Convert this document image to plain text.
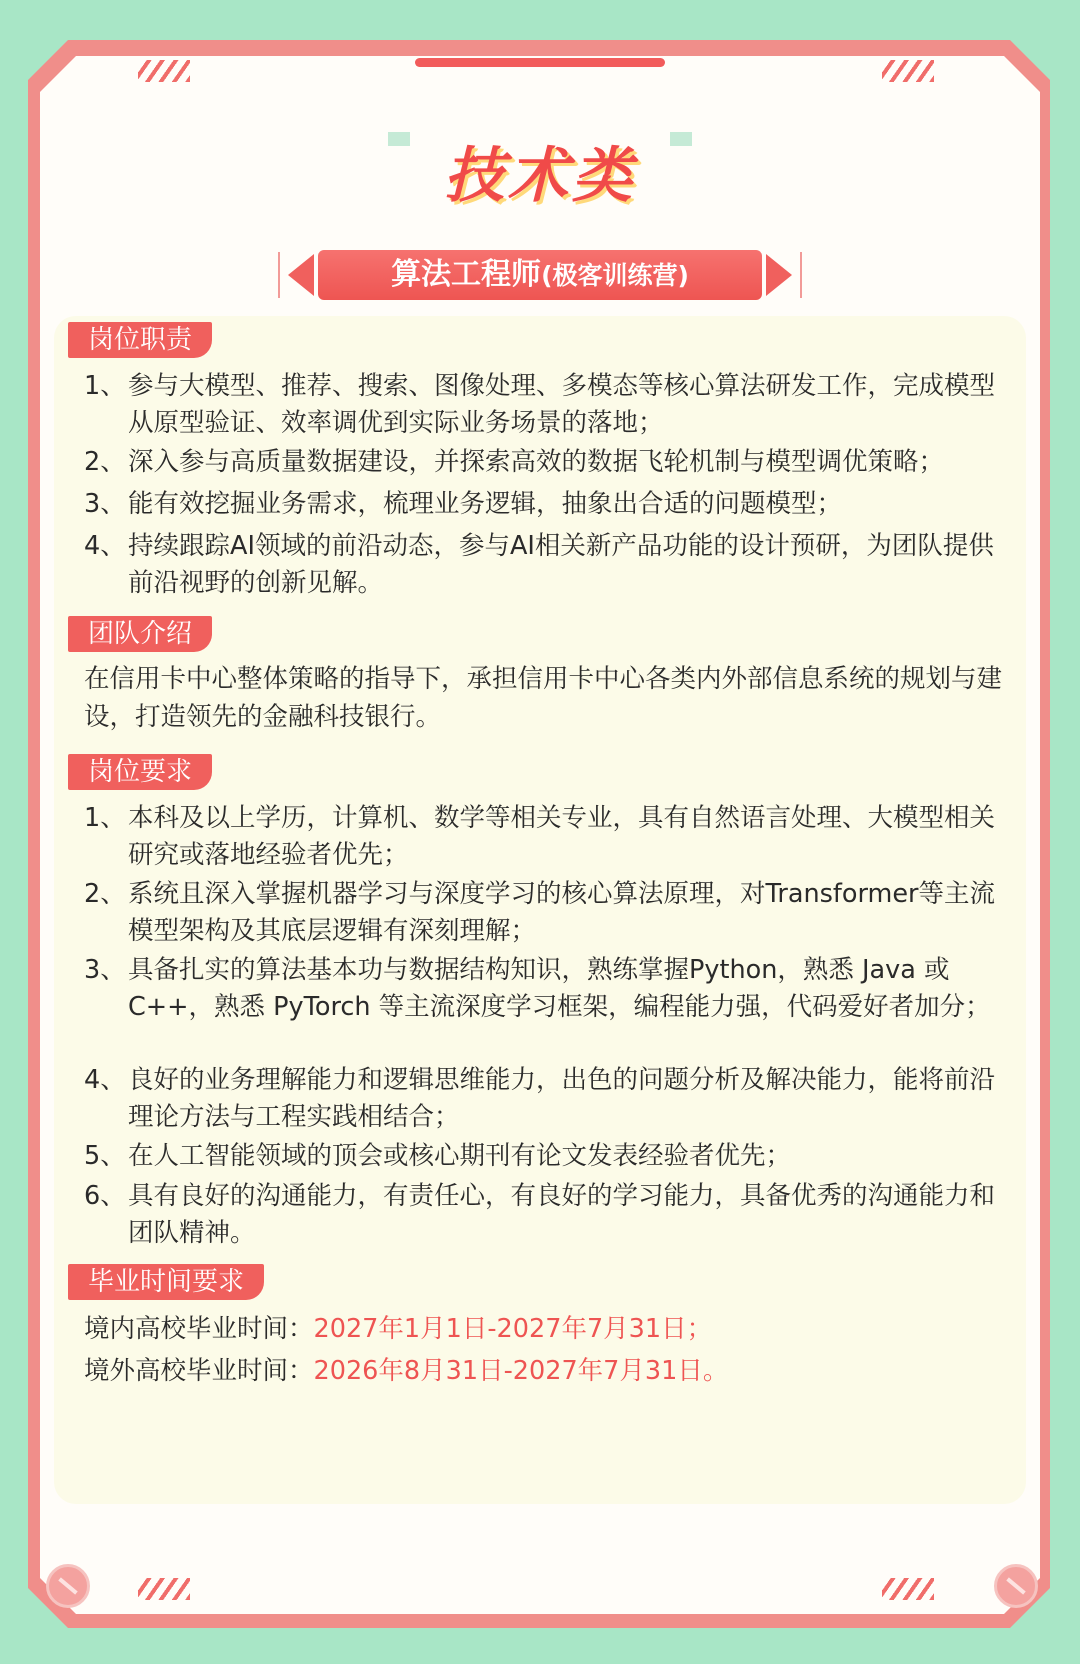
技术类
算法工程师(极客训练营)
岗位职责
1、 参与大模型、推荐、搜索、图像处理、多模态等核心算法研发工作，完成模型从原型验证、效率调优到实际业务场景的落地；
2、 深入参与高质量数据建设，并探索高效的数据飞轮机制与模型调优策略；
3、 能有效挖掘业务需求，梳理业务逻辑，抽象出合适的问题模型；
4、 持续跟踪AI领域的前沿动态，参与AI相关新产品功能的设计预研，为团队提供前沿视野的创新见解。
团队介绍
在信用卡中心整体策略的指导下，承担信用卡中心各类内外部信息系统的规划与建设，打造领先的金融科技银行。
岗位要求
1、 本科及以上学历，计算机、数学等相关专业，具有自然语言处理、大模型相关研究或落地经验者优先；
2、 系统且深入掌握机器学习与深度学习的核心算法原理，对Transformer等主流模型架构及其底层逻辑有深刻理解；
3、 具备扎实的算法基本功与数据结构知识，熟练掌握Python，熟悉 Java 或 C++，熟悉 PyTorch 等主流深度学习框架，编程能力强，代码爱好者加分；
4、 良好的业务理解能力和逻辑思维能力，出色的问题分析及解决能力，能将前沿理论方法与工程实践相结合；
5、 在人工智能领域的顶会或核心期刊有论文发表经验者优先；
6、 具有良好的沟通能力，有责任心，有良好的学习能力，具备优秀的沟通能力和团队精神。
毕业时间要求
境内高校毕业时间：2027年1月1日-2027年7月31日；
境外高校毕业时间：2026年8月31日-2027年7月31日。
